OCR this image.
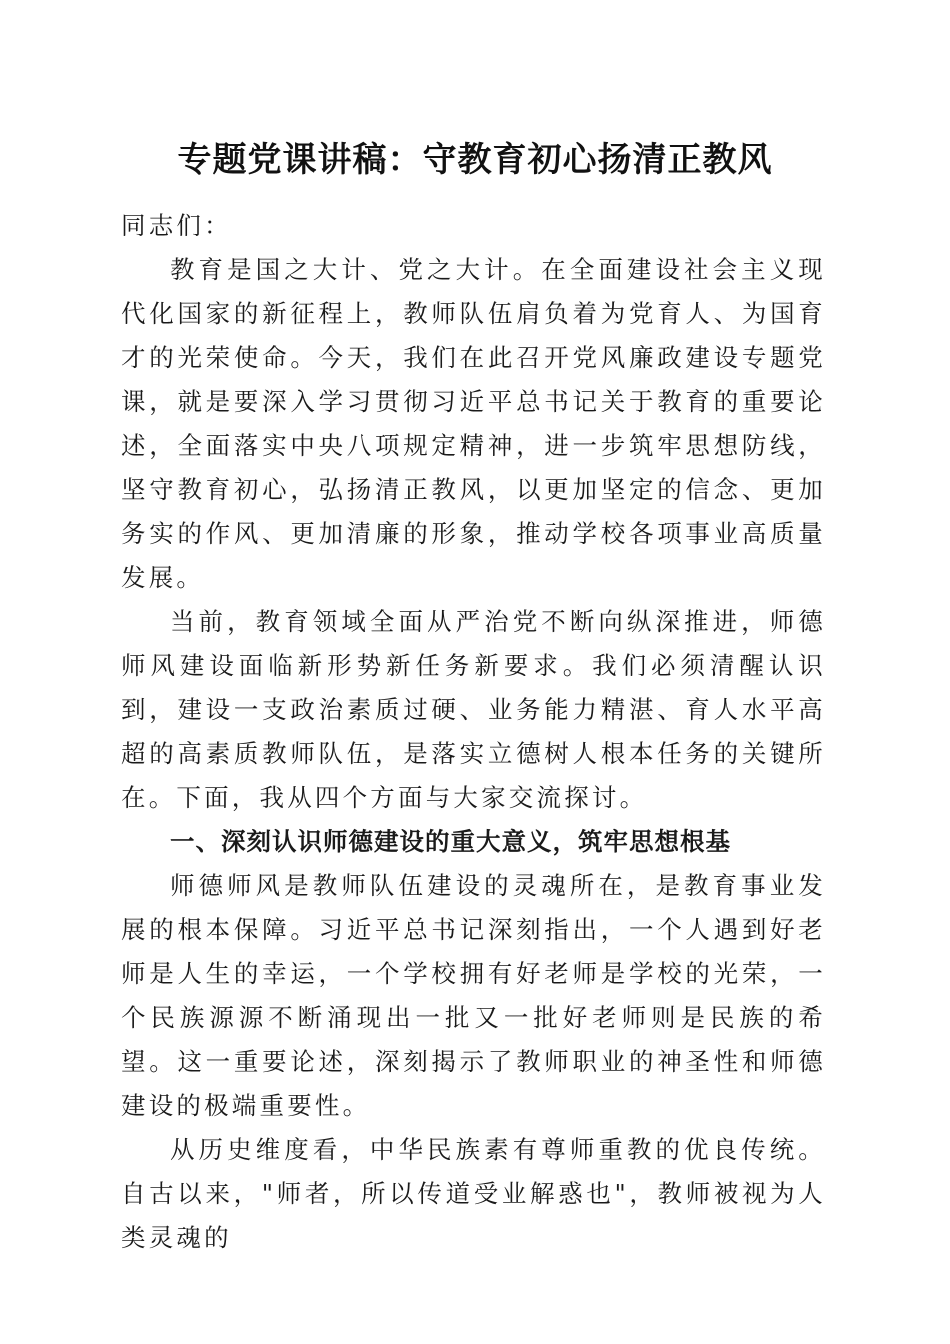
专题党课讲稿：守教育初心扬清正教风

同志们：

教育是国之大计、党之大计。在全面建设社会主义现代化国家的新征程上，教师队伍肩负着为党育人、为国育才的光荣使命。今天，我们在此召开党风廉政建设专题党课，就是要深入学习贯彻习近平总书记关于教育的重要论述，全面落实中央八项规定精神，进一步筑牢思想防线，坚守教育初心，弘扬清正教风，以更加坚定的信念、更加务实的作风、更加清廉的形象，推动学校各项事业高质量发展。

当前，教育领域全面从严治党不断向纵深推进，师德师风建设面临新形势新任务新要求。我们必须清醒认识到，建设一支政治素质过硬、业务能力精湛、育人水平高超的高素质教师队伍，是落实立德树人根本任务的关键所在。下面，我从四个方面与大家交流探讨。

一、深刻认识师德建设的重大意义，筑牢思想根基

师德师风是教师队伍建设的灵魂所在，是教育事业发展的根本保障。习近平总书记深刻指出，一个人遇到好老师是人生的幸运，一个学校拥有好老师是学校的光荣，一个民族源源不断涌现出一批又一批好老师则是民族的希望。这一重要论述，深刻揭示了教师职业的神圣性和师德建设的极端重要性。

从历史维度看，中华民族素有尊师重教的优良传统。自古以来，"师者，所以传道受业解惑也"，教师被视为人类灵魂的
